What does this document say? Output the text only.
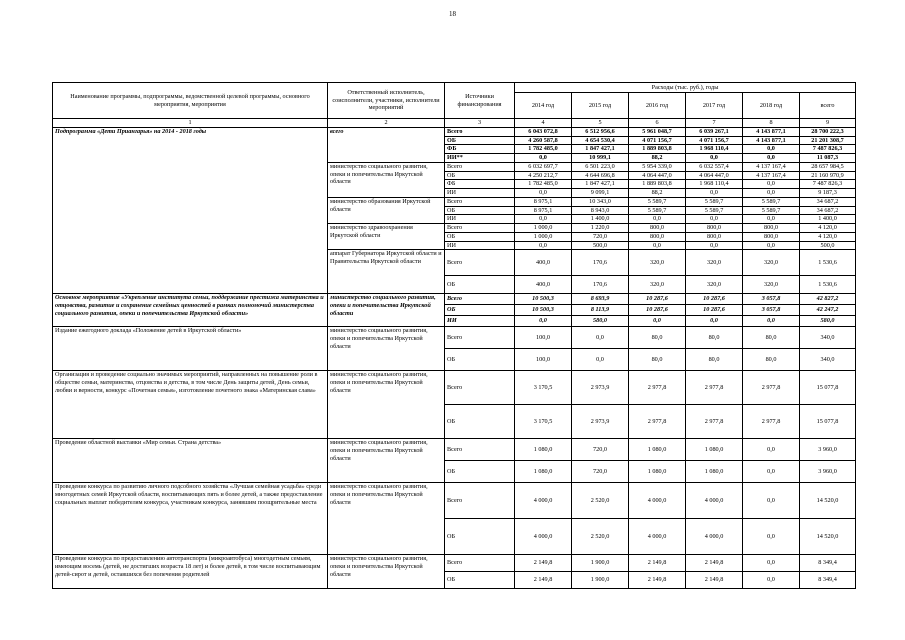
18
Наименование программы, подпрограммы, ведомственной целевой программы, основного мероприятия, мероприятия	Ответственный исполнитель, соисполнители, участники, исполнители мероприятий	Источники финансирования	Расходы (тыс. руб.), годы					
			2014 год	2015 год	2016 год	2017 год	2018 год	всего
1	2	3	4	5	6	7	8	9
Подпрограмма «Дети Приангарья» на 2014 - 2018 годы	всего	Всего	6 043 072,8	6 512 956,6	5 961 048,7	6 039 267,1	4 143 877,1	28 700 222,3
		ОБ	4 260 587,8	4 654 530,4	4 071 156,7	4 071 156,7	4 143 877,1	21 201 308,7
		ФБ	1 782 485,0	1 847 427,1	1 889 803,8	1 968 110,4	0,0	7 487 826,3
		ИИ**	0,0	10 999,1	88,2	0,0	0,0	11 087,3
	министерство социального развития, опеки и попечительства Иркутской области	Всего	6 032 697,7	6 501 223,0	5 954 339,0	6 032 557,4	4 137 167,4	28 657 984,5
		ОБ	4 250 212,7	4 644 696,8	4 064 447,0	4 064 447,0	4 137 167,4	21 160 970,9
		ФБ	1 782 485,0	1 847 427,1	1 889 803,8	1 968 110,4	0,0	7 487 826,3
		ИИ	0,0	9 099,1	88,2	0,0	0,0	9 187,3
	министерство образования Иркутской области	Всего	8 975,1	10 343,0	5 589,7	5 589,7	5 589,7	34 687,2
		ОБ	8 975,1	8 943,0	5 589,7	5 589,7	5 589,7	34 687,2
		ИИ	0,0	1 400,0	0,0	0,0	0,0	1 400,0
	министерство здравоохранения Иркутской области	Всего	1 000,0	1 220,0	800,0	800,0	800,0	4 120,0
		ОБ	1 000,0	720,0	800,0	800,0	800,0	4 120,0
		ИИ	0,0	500,0	0,0	0,0	0,0	500,0
	аппарат Губернатора Иркутской области и Правительства Иркутской области	Всего	400,0	170,6	320,0	320,0	320,0	1 530,6
		ОБ	400,0	170,6	320,0	320,0	320,0	1 530,6
Основное мероприятие «Укрепление института семьи, поддержание престижа материнства и отцовства, развитие и сохранение семейных ценностей в рамках полномочий министерства социального развития, опеки и попечительства Иркутской области»	министерство социального развития, опеки и попечительства Иркутской области	Всего	10 500,3	8 693,9	10 287,6	10 287,6	3 057,8	42 827,2
		ОБ	10 500,3	8 113,9	10 287,6	10 287,6	3 057,8	42 247,2
		ИИ	0,0	580,0	0,0	0,0	0,0	580,0
Издание ежегодного доклада «Положение детей в Иркутской области»	министерство социального развития, опеки и попечительства Иркутской области	Всего	100,0	0,0	80,0	80,0	80,0	340,0
		ОБ	100,0	0,0	80,0	80,0	80,0	340,0
Организация и проведение социально значимых мероприятий, направленных на повышение роли в обществе семьи, материнства, отцовства и детства, в том числе День защиты детей, День семьи, любви и верности, конкурс «Почетная семья», изготовление почетного знака «Материнская слава»	министерство социального развития, опеки и попечительства Иркутской области	Всего	3 170,5	2 973,9	2 977,8	2 977,8	2 977,8	15 077,8
		ОБ	3 170,5	2 973,9	2 977,8	2 977,8	2 977,8	15 077,8
Проведение областной выставки «Мир семьи. Страна детства»	министерство социального развития, опеки и попечительства Иркутской области	Всего	1 080,0	720,0	1 080,0	1 080,0	0,0	3 960,0
		ОБ	1 080,0	720,0	1 080,0	1 080,0	0,0	3 960,0
Проведение конкурса по развитию личного подсобного хозяйства «Лучшая семейная усадьба» среди многодетных семей Иркутской области, воспитывающих пять и более детей, а также предоставление социальных выплат победителям конкурса, участникам конкурса, занявшим поощрительные места	министерство социального развития, опеки и попечительства Иркутской области	Всего	4 000,0	2 520,0	4 000,0	4 000,0	0,0	14 520,0
		ОБ	4 000,0	2 520,0	4 000,0	4 000,0	0,0	14 520,0
Проведение конкурса по предоставлению автотранспорта (микроавтобуса) многодетным семьям, имеющим восемь (детей, не достигших возраста 18 лет) и более детей, в том числе воспитывающим детей-сирот и детей, оставшихся без попечения родителей	министерство социального развития, опеки и попечительства Иркутской области	Всего	2 149,8	1 900,0	2 149,8	2 149,8	0,0	8 349,4
		ОБ	2 149,8	1 900,0	2 149,8	2 149,8	0,0	8 349,4
